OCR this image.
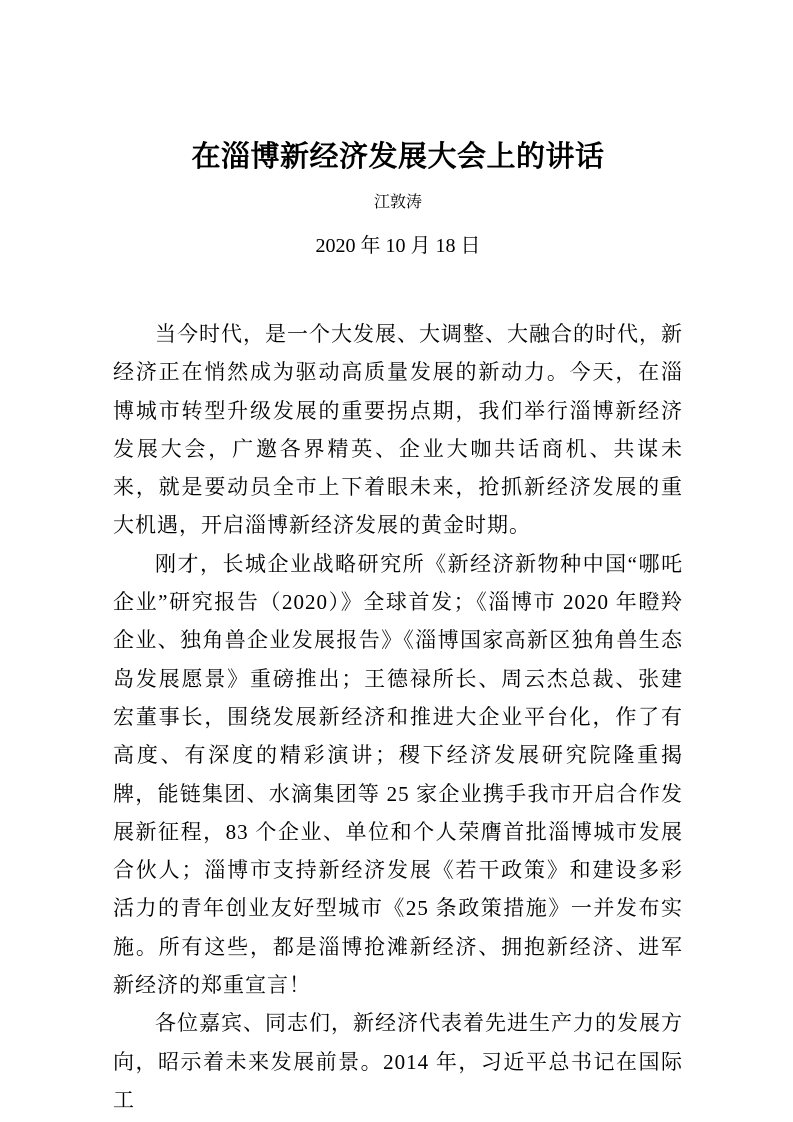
在淄博新经济发展大会上的讲话
江敦涛
2020 年 10 月 18 日

当今时代，是一个大发展、大调整、大融合的时代，新经济正在悄然成为驱动高质量发展的新动力。今天，在淄博城市转型升级发展的重要拐点期，我们举行淄博新经济发展大会，广邀各界精英、企业大咖共话商机、共谋未来，就是要动员全市上下着眼未来，抢抓新经济发展的重大机遇，开启淄博新经济发展的黄金时期。

刚才，长城企业战略研究所《新经济新物种中国“哪吒企业”研究报告（2020）》全球首发；《淄博市 2020 年瞪羚企业、独角兽企业发展报告》《淄博国家高新区独角兽生态岛发展愿景》重磅推出；王德禄所长、周云杰总裁、张建宏董事长，围绕发展新经济和推进大企业平台化，作了有高度、有深度的精彩演讲；稷下经济发展研究院隆重揭牌，能链集团、水滴集团等 25 家企业携手我市开启合作发展新征程，83 个企业、单位和个人荣膺首批淄博城市发展合伙人；淄博市支持新经济发展《若干政策》和建设多彩活力的青年创业友好型城市《25 条政策措施》一并发布实施。所有这些，都是淄博抢滩新经济、拥抱新经济、进军新经济的郑重宣言！

各位嘉宾、同志们，新经济代表着先进生产力的发展方向，昭示着未来发展前景。2014 年，习近平总书记在国际工
